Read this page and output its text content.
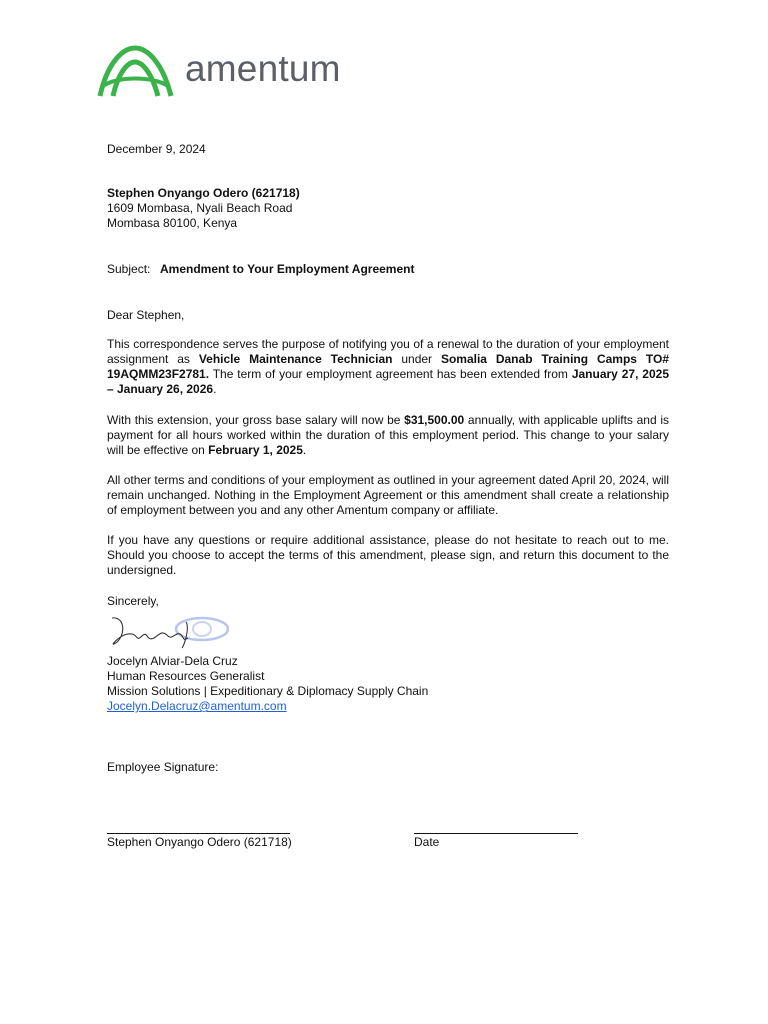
amentum
December 9, 2024
Stephen Onyango Odero (621718)
1609 Mombasa, Nyali Beach Road
Mombasa 80100, Kenya
Subject: Amendment to Your Employment Agreement
Dear Stephen,
This correspondence serves the purpose of notifying you of a renewal to the duration of your employment assignment as Vehicle Maintenance Technician under Somalia Danab Training Camps TO# 19AQMM23F2781. The term of your employment agreement has been extended from January 27, 2025 – January 26, 2026.
With this extension, your gross base salary will now be $31,500.00 annually, with applicable uplifts and is payment for all hours worked within the duration of this employment period. This change to your salary will be effective on February 1, 2025.
All other terms and conditions of your employment as outlined in your agreement dated April 20, 2024, will remain unchanged. Nothing in the Employment Agreement or this amendment shall create a relationship of employment between you and any other Amentum company or affiliate.
If you have any questions or require additional assistance, please do not hesitate to reach out to me. Should you choose to accept the terms of this amendment, please sign, and return this document to the undersigned.
Sincerely,
Jocelyn Alviar-Dela Cruz
Human Resources Generalist
Mission Solutions | Expeditionary & Diplomacy Supply Chain
Jocelyn.Delacruz@amentum.com
Employee Signature:
Stephen Onyango Odero (621718)	Date
